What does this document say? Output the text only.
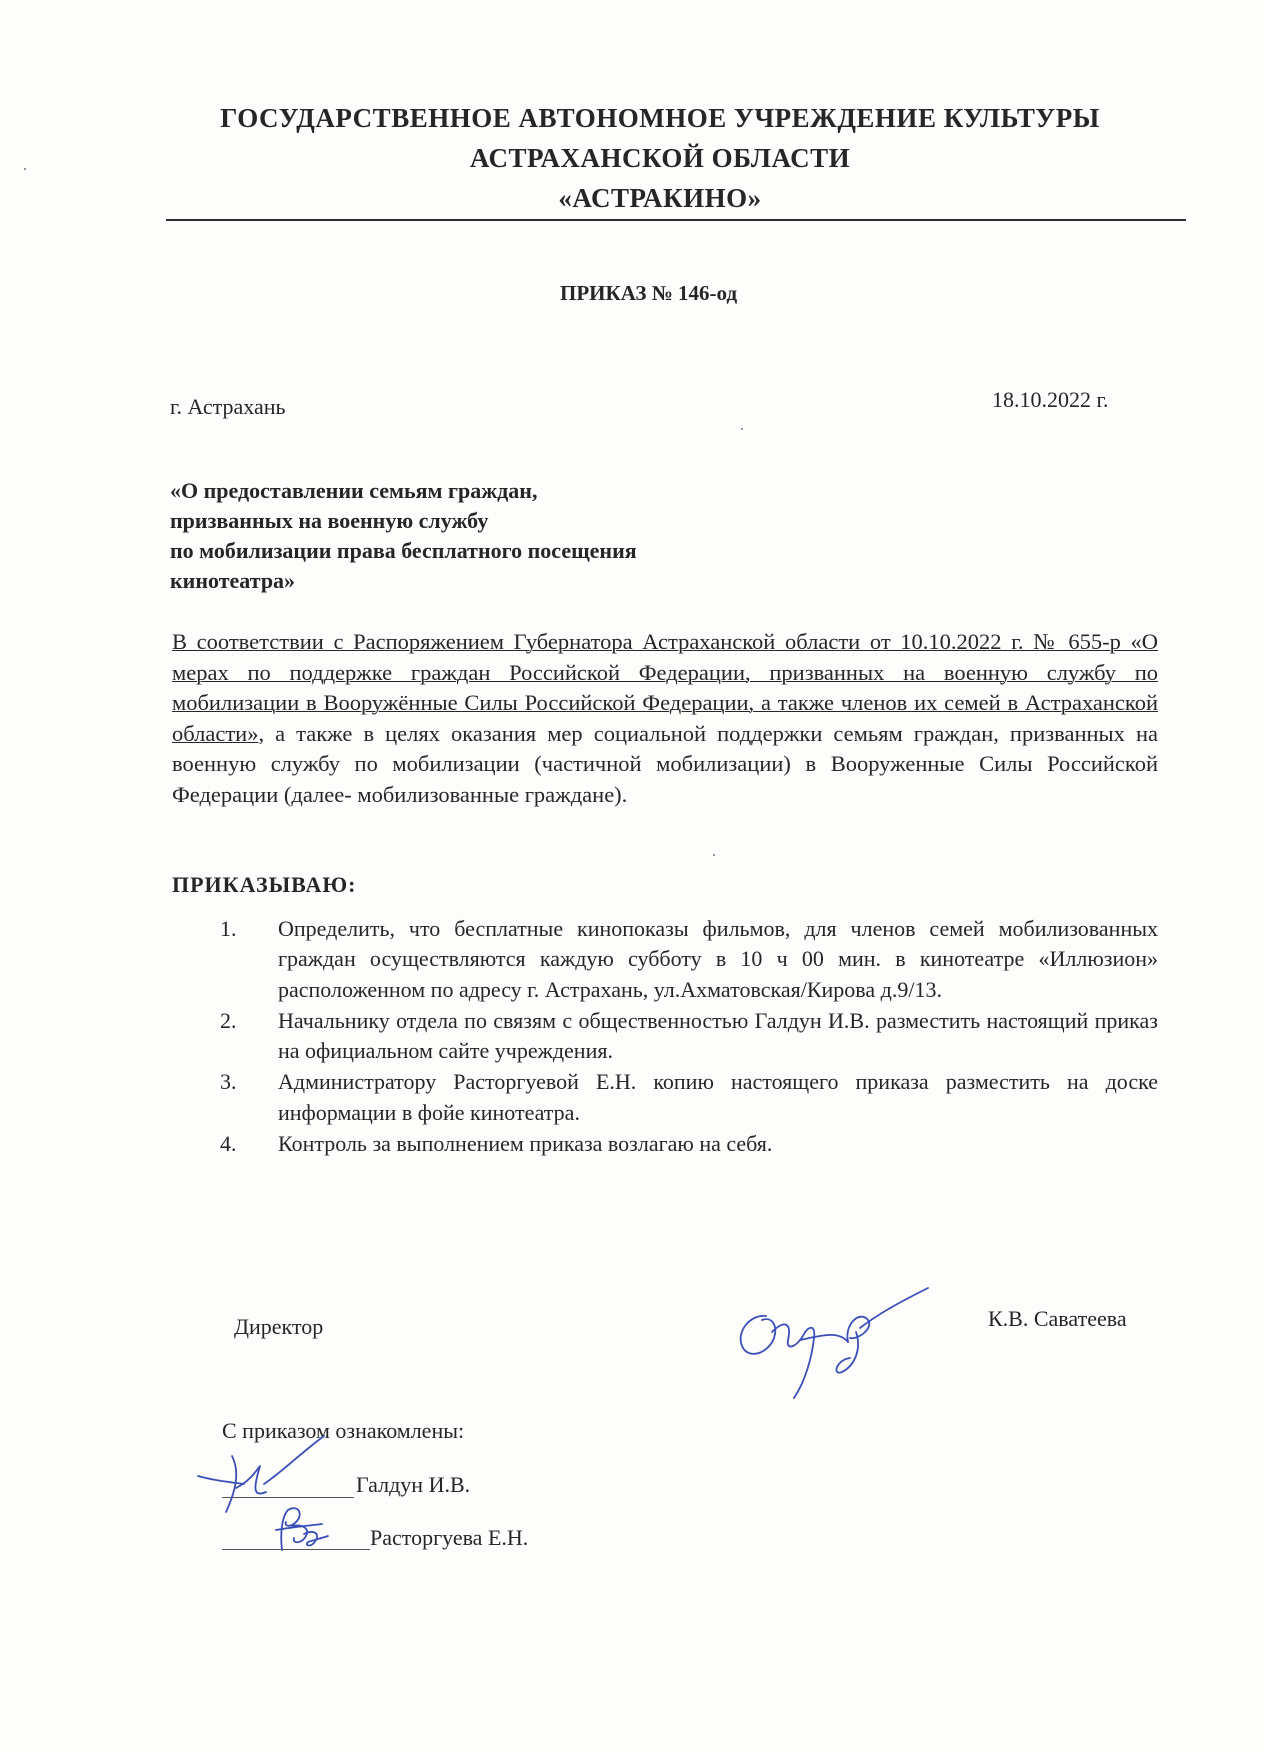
ГОСУДАРСТВЕННОЕ АВТОНОМНОЕ УЧРЕЖДЕНИЕ КУЛЬТУРЫ
АСТРАХАНСКОЙ ОБЛАСТИ
«АСТРАКИНО»
ПРИКАЗ № 146-од
г. Астрахань	18.10.2022 г.
«О предоставлении семьям граждан,
призванных на военную службу
по мобилизации права бесплатного посещения
кинотеатра»
В соответствии с Распоряжением Губернатора Астраханской области от 10.10.2022 г. № 655-р «О мерах по поддержке граждан Российской Федерации, призванных на военную службу по мобилизации в Вооружённые Силы Российской Федерации, а также членов их семей в Астраханской области», а также в целях оказания мер социальной поддержки семьям граждан, призванных на военную службу по мобилизации (частичной мобилизации) в Вооруженные Силы Российской Федерации (далее- мобилизованные граждане).
ПРИКАЗЫВАЮ:
1.	Определить, что бесплатные кинопоказы фильмов, для членов семей мобилизованных граждан осуществляются каждую субботу в 10 ч 00 мин. в кинотеатре «Иллюзион» расположенном по адресу г. Астрахань, ул.Ахматовская/Кирова д.9/13.
2.	Начальнику отдела по связям с общественностью Галдун И.В. разместить настоящий приказ на официальном сайте учреждения.
3.	Администратору Расторгуевой Е.Н. копию настоящего приказа разместить на доске информации в фойе кинотеатра.
4.	Контроль за выполнением приказа возлагаю на себя.
Директор	К.В. Саватеева
С приказом ознакомлены:
Галдун И.В.
Расторгуева Е.Н.
